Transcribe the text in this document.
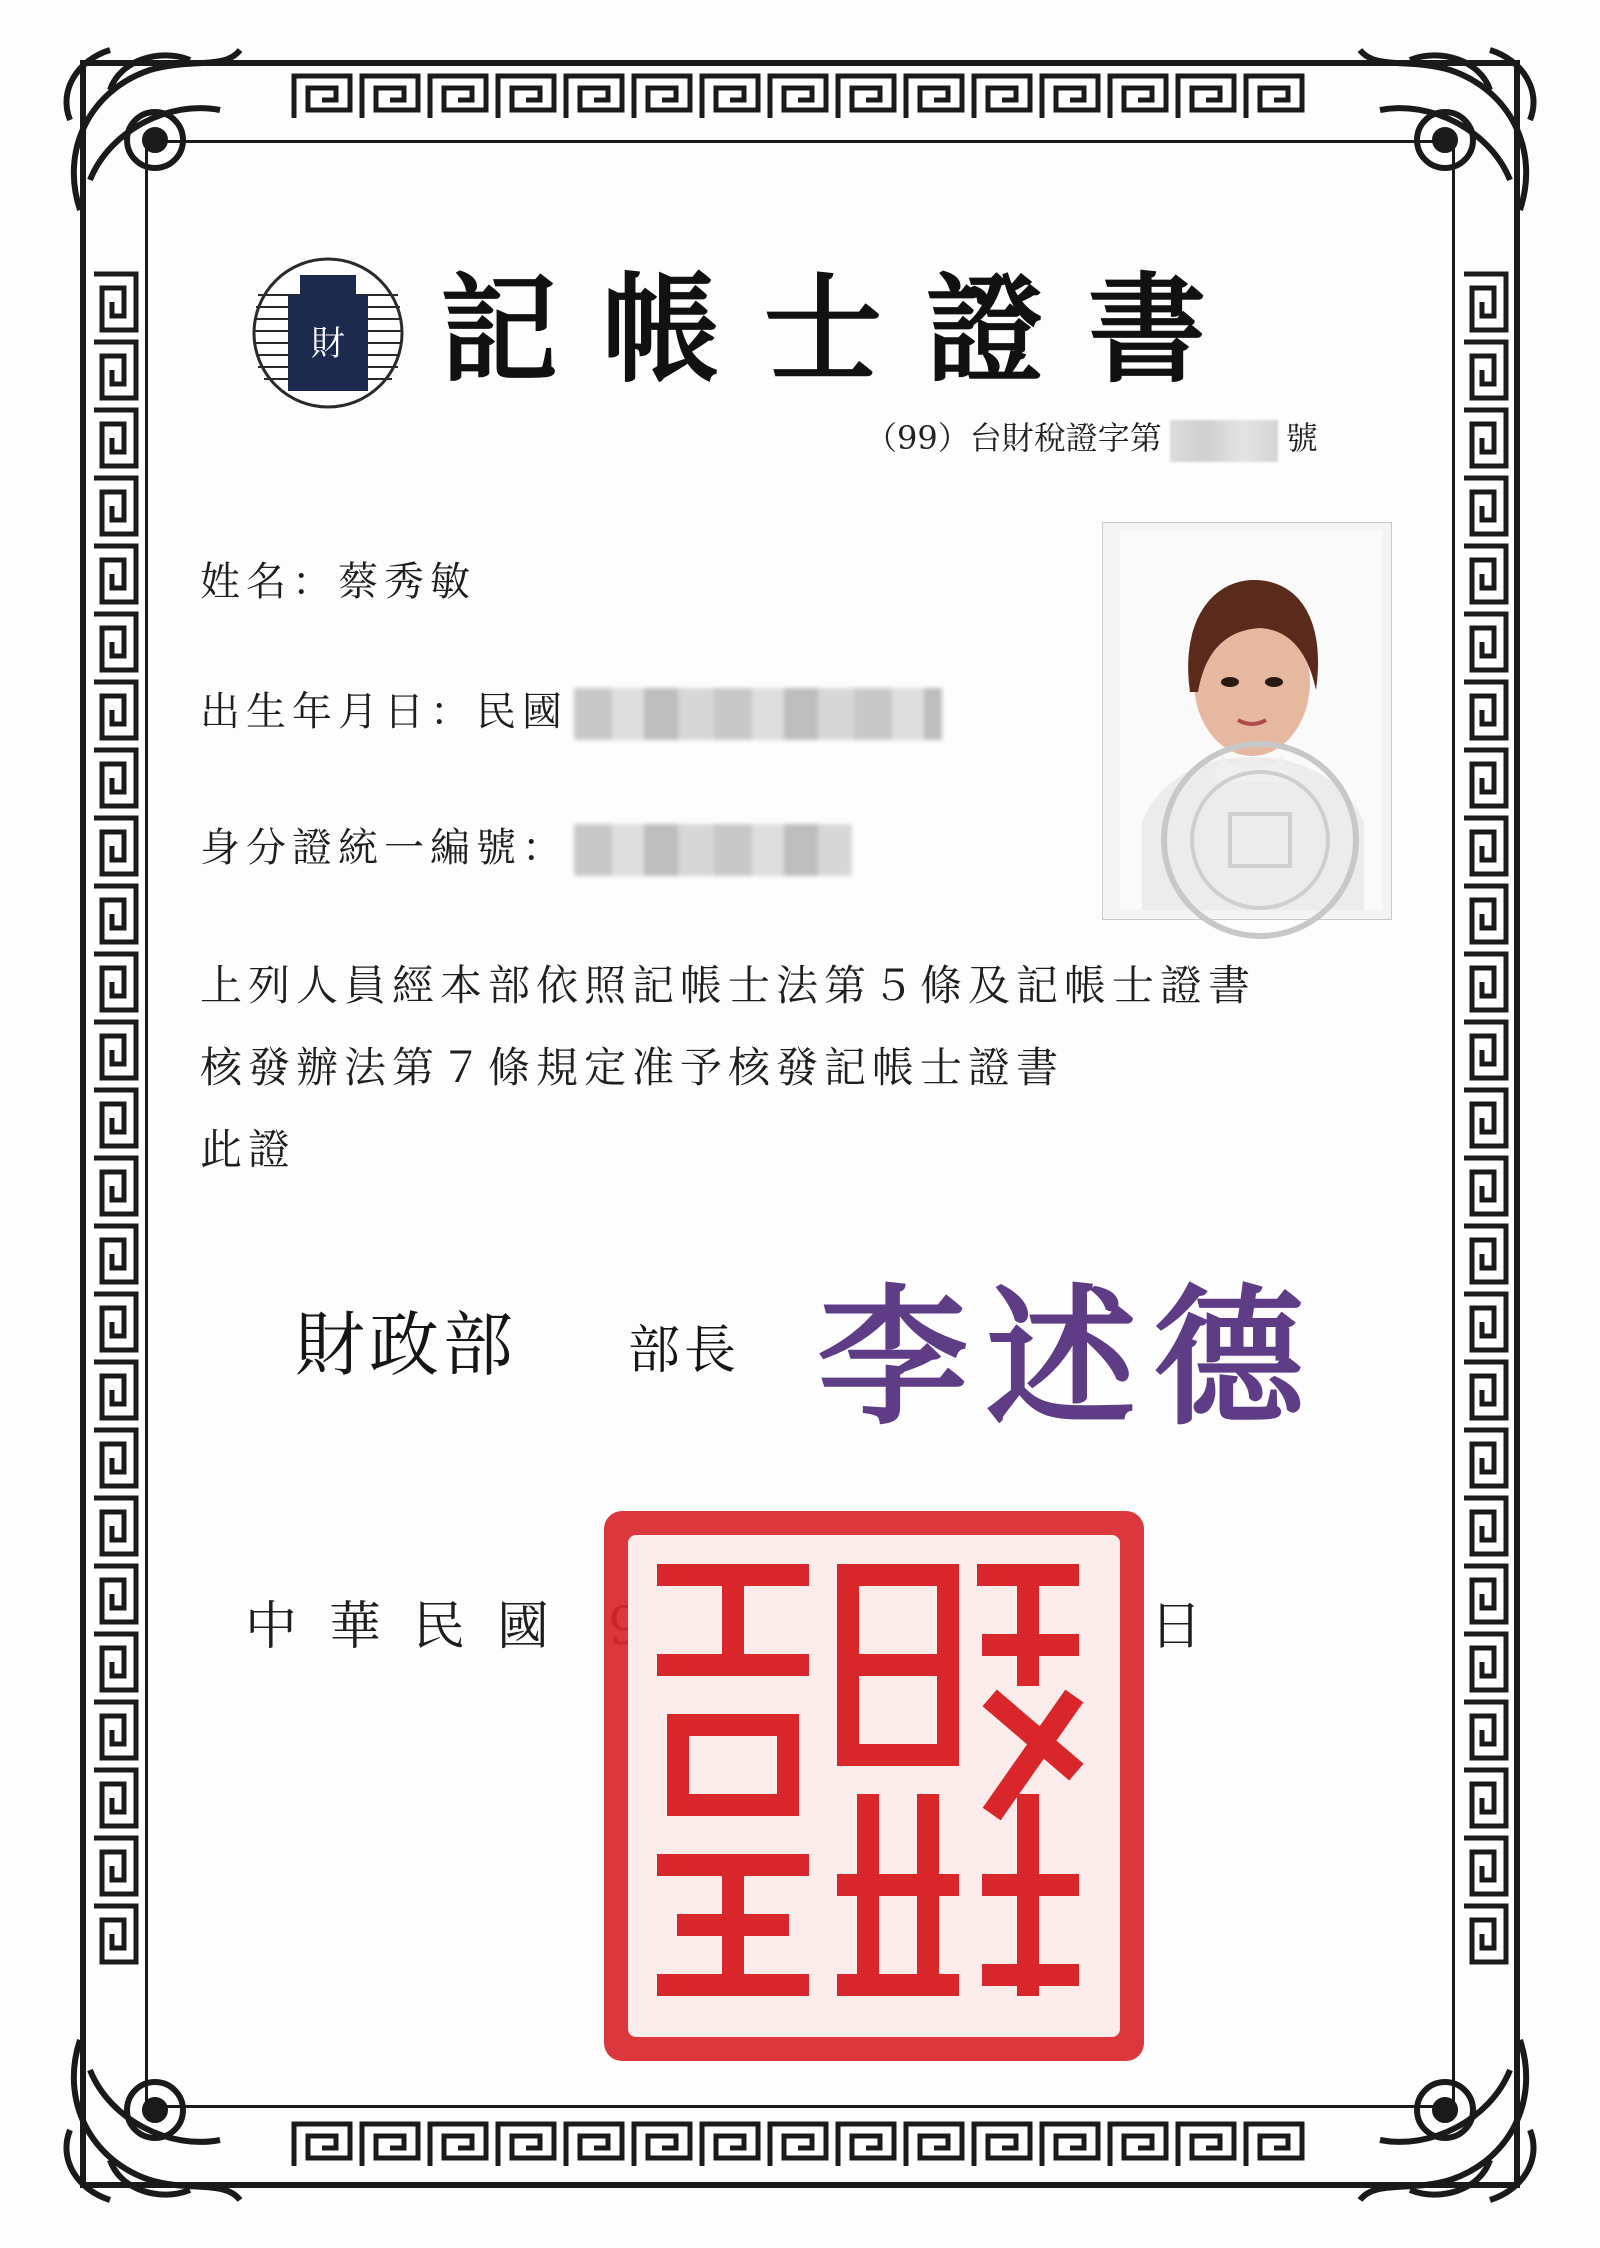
財 記帳士證書
（99）台財稅證字第	號
姓名：蔡秀敏
出生年月日：民國
身分證統一編號：
上列人員經本部依照記帳士法第５條及記帳士證書
核發辦法第７條規定准予核發記帳士證書
此證
財政部 部長 李述德
中華民國	日
